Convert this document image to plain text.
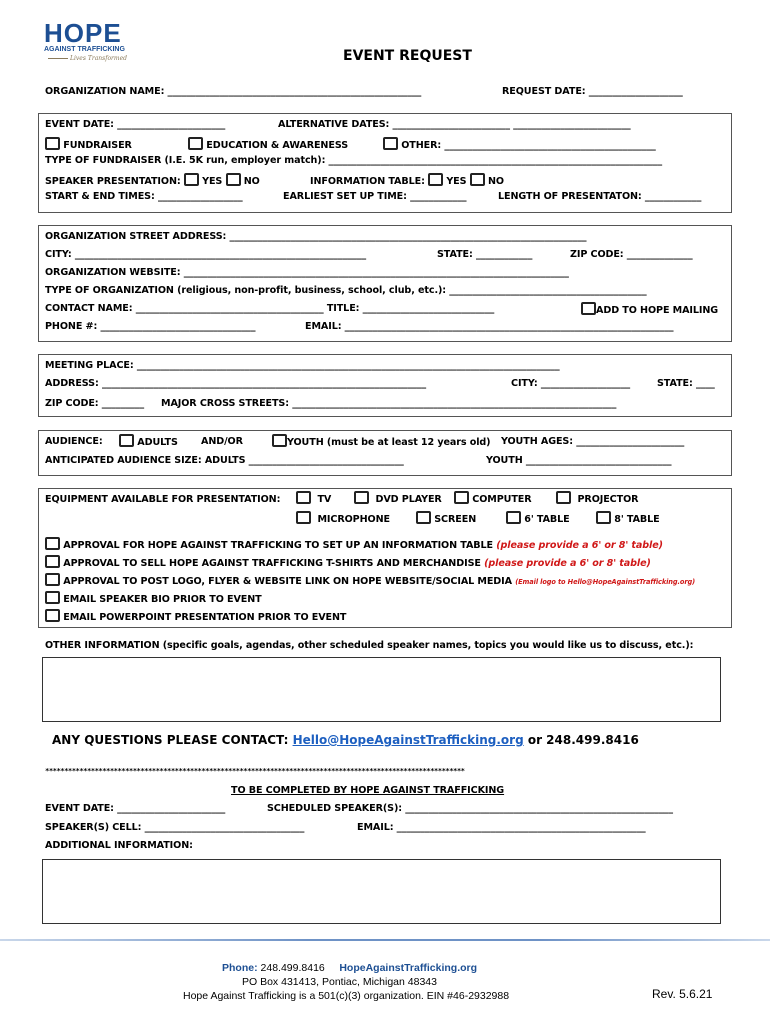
HOPE
AGAINST TRAFFICKING
Lives Transformed	EVENT REQUEST
ORGANIZATION NAME: ______________________________________________________	REQUEST DATE: ____________________
EVENT DATE: _______________________	ALTERNATIVE DATES: _________________________ _________________________
FUNDRAISER	EDUCATION & AWARENESS	OTHER: _____________________________________________
TYPE OF FUNDRAISER (I.E. 5K run, employer match): _______________________________________________________________________
SPEAKER PRESENTATION: YES NO	INFORMATION TABLE: YES NO
START & END TIMES: __________________	EARLIEST SET UP TIME: ____________	LENGTH OF PRESENTATON: ____________
ORGANIZATION STREET ADDRESS: ____________________________________________________________________________
CITY: ______________________________________________________________	STATE: ____________	ZIP CODE: ______________
ORGANIZATION WEBSITE: __________________________________________________________________________________
TYPE OF ORGANIZATION (religious, non-profit, business, school, club, etc.): __________________________________________
CONTACT NAME: ________________________________________ TITLE: ____________________________	ADD TO HOPE MAILING
PHONE #: _________________________________	EMAIL: ______________________________________________________________________
MEETING PLACE: __________________________________________________________________________________________
ADDRESS: _____________________________________________________________________	CITY: ___________________	STATE: ____
ZIP CODE: _________ MAJOR CROSS STREETS: _____________________________________________________________________
AUDIENCE:	ADULTS AND/OR	YOUTH (must be at least 12 years old) YOUTH AGES: _______________________
ANTICIPATED AUDIENCE SIZE: ADULTS _________________________________	YOUTH _______________________________
EQUIPMENT AVAILABLE FOR PRESENTATION:	TV	DVD PLAYER	COMPUTER	PROJECTOR
MICROPHONE	SCREEN	6' TABLE	8' TABLE
APPROVAL FOR HOPE AGAINST TRAFFICKING TO SET UP AN INFORMATION TABLE (please provide a 6' or 8' table)
APPROVAL TO SELL HOPE AGAINST TRAFFICKING T-SHIRTS AND MERCHANDISE (please provide a 6' or 8' table)
APPROVAL TO POST LOGO, FLYER & WEBSITE LINK ON HOPE WEBSITE/SOCIAL MEDIA (Email logo to Hello@HopeAgainstTrafficking.org)
EMAIL SPEAKER BIO PRIOR TO EVENT
EMAIL POWERPOINT PRESENTATION PRIOR TO EVENT
OTHER INFORMATION (specific goals, agendas, other scheduled speaker names, topics you would like us to discuss, etc.):
ANY QUESTIONS PLEASE CONTACT: Hello@HopeAgainstTrafficking.org or 248.499.8416
**************************************************************************************************************
TO BE COMPLETED BY HOPE AGAINST TRAFFICKING
EVENT DATE: _______________________	SCHEDULED SPEAKER(S): _________________________________________________________
SPEAKER(S) CELL: __________________________________	EMAIL: _____________________________________________________
ADDITIONAL INFORMATION:
Phone: 248.499.8416 HopeAgainstTrafficking.org
PO Box 431413, Pontiac, Michigan 48343
Hope Against Trafficking is a 501(c)(3) organization. EIN #46-2932988	Rev. 5.6.21
